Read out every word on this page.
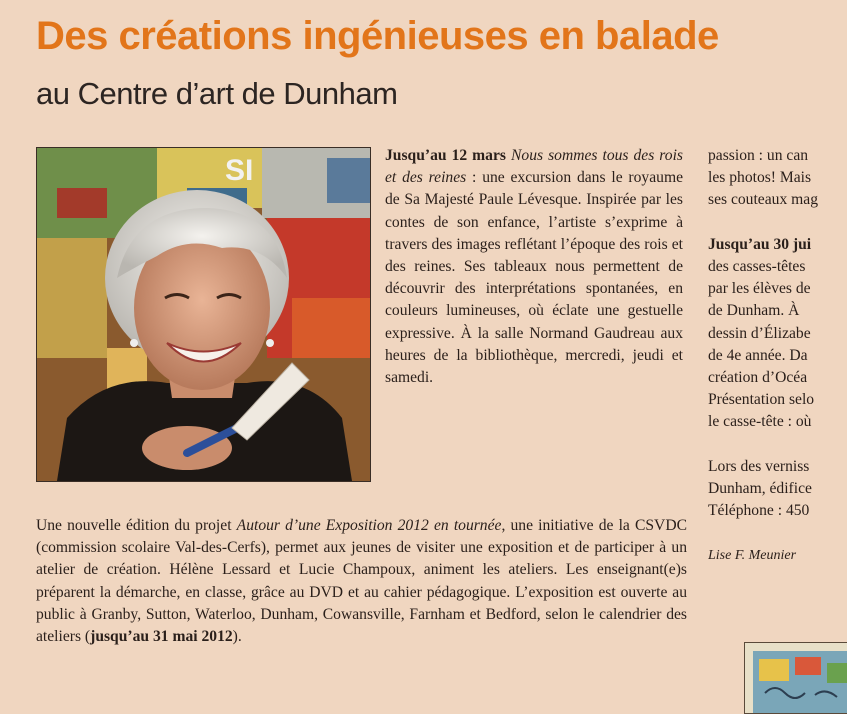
Des créations ingénieuses en balade
au Centre d’art de Dunham
SI	Jusqu’au 12 mars Nous sommes tous des rois et des reines : une excursion dans le royaume de Sa Majesté Paule Lévesque. Inspirée par les contes de son enfance, l’artiste s’exprime à travers des images reflétant l’époque des rois et des reines. Ses tableaux nous permettent de découvrir des interprétations spontanées, en couleurs lumineuses, où éclate une gestuelle expressive. À la salle Normand Gaudreau aux heures de la bibliothèque, mercredi, jeudi et samedi.

Une nouvelle édition du projet Autour d’une Exposition 2012 en tournée, une initiative de la CSVDC (commission scolaire Val-des-Cerfs), permet aux jeunes de visiter une exposition et de participer à un atelier de création. Hélène Lessard et Lucie Champoux, animent les ateliers. Les enseignant(e)s préparent la démarche, en classe, grâce au DVD et au cahier pédagogique. L’exposition est ouverte au public à Granby, Sutton, Waterloo, Dunham, Cowansville, Farnham et Bedford, selon le calendrier des ateliers (jusqu’au 31 mai 2012).

passion : un can
les photos! Mais
ses couteaux mag

Jusqu’au 30 jui
des casses-têtes
par les élèves de
de Dunham. À
dessin d’Élizabe
de 4e année. Da
création d’Océa
Présentation selo
le casse-tête : où

Lors des verniss
Dunham, édifice
Téléphone : 450

Lise F. Meunier
